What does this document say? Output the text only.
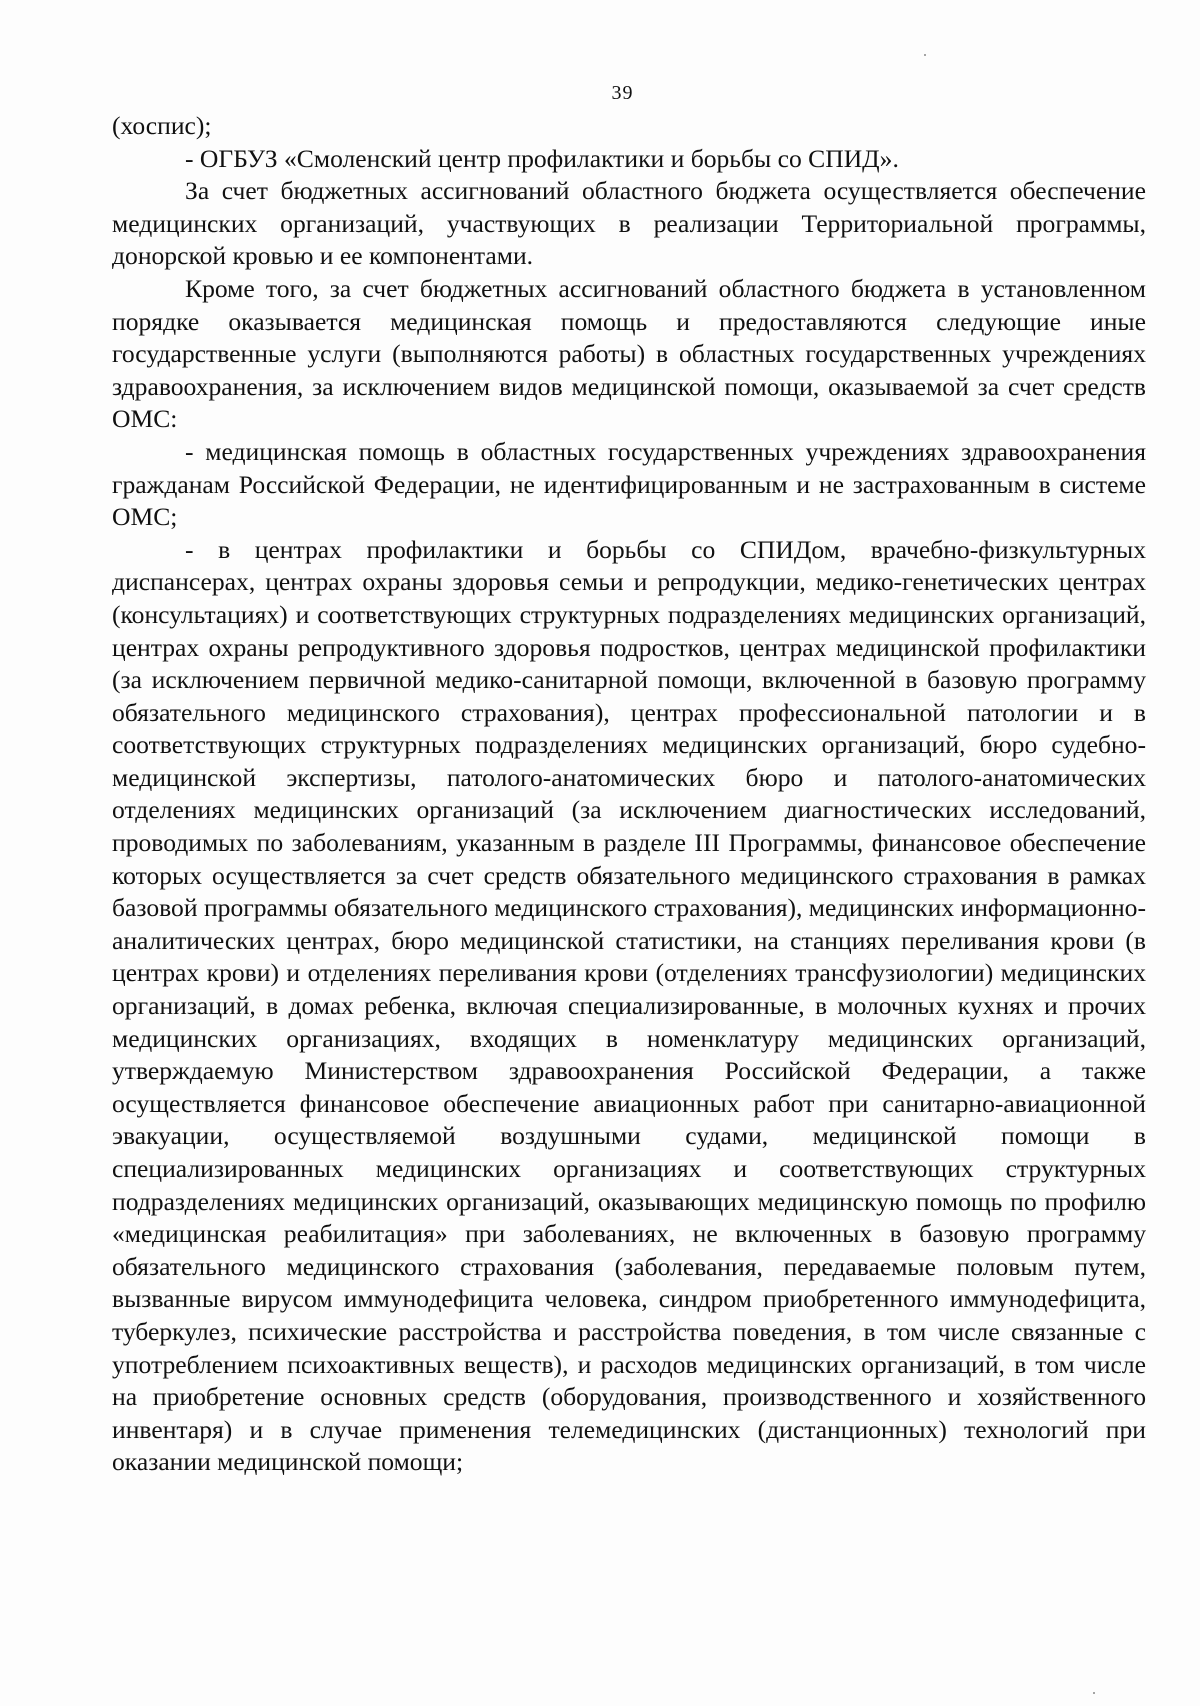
39

(хоспис);

- ОГБУЗ «Смоленский центр профилактики и борьбы со СПИД».

За счет бюджетных ассигнований областного бюджета осуществляется обеспечение медицинских организаций, участвующих в реализации Территориальной программы, донорской кровью и ее компонентами.

Кроме того, за счет бюджетных ассигнований областного бюджета в установленном порядке оказывается медицинская помощь и предоставляются следующие иные государственные услуги (выполняются работы) в областных государственных учреждениях здравоохранения, за исключением видов медицинской помощи, оказываемой за счет средств ОМС:

- медицинская помощь в областных государственных учреждениях здравоохранения гражданам Российской Федерации, не идентифицированным и не застрахованным в системе ОМС;

- в центрах профилактики и борьбы со СПИДом, врачебно-физкультурных диспансерах, центрах охраны здоровья семьи и репродукции, медико-генетических центрах (консультациях) и соответствующих структурных подразделениях медицинских организаций, центрах охраны репродуктивного здоровья подростков, центрах медицинской профилактики (за исключением первичной медико-санитарной помощи, включенной в базовую программу обязательного медицинского страхования), центрах профессиональной патологии и в соответствующих структурных подразделениях медицинских организаций, бюро судебно-медицинской экспертизы, патолого-анатомических бюро и патолого-анатомических отделениях медицинских организаций (за исключением диагностических исследований, проводимых по заболеваниям, указанным в разделе III Программы, финансовое обеспечение которых осуществляется за счет средств обязательного медицинского страхования в рамках базовой программы обязательного медицинского страхования), медицинских информационно-аналитических центрах, бюро медицинской статистики, на станциях переливания крови (в центрах крови) и отделениях переливания крови (отделениях трансфузиологии) медицинских организаций, в домах ребенка, включая специализированные, в молочных кухнях и прочих медицинских организациях, входящих в номенклатуру медицинских организаций, утверждаемую Министерством здравоохранения Российской Федерации, а также осуществляется финансовое обеспечение авиационных работ при санитарно-авиационной эвакуации, осуществляемой воздушными судами, медицинской помощи в специализированных медицинских организациях и соответствующих структурных подразделениях медицинских организаций, оказывающих медицинскую помощь по профилю «медицинская реабилитация» при заболеваниях, не включенных в базовую программу обязательного медицинского страхования (заболевания, передаваемые половым путем, вызванные вирусом иммунодефицита человека, синдром приобретенного иммунодефицита, туберкулез, психические расстройства и расстройства поведения, в том числе связанные с употреблением психоактивных веществ), и расходов медицинских организаций, в том числе на приобретение основных средств (оборудования, производственного и хозяйственного инвентаря) и в случае применения телемедицинских (дистанционных) технологий при оказании медицинской помощи;
